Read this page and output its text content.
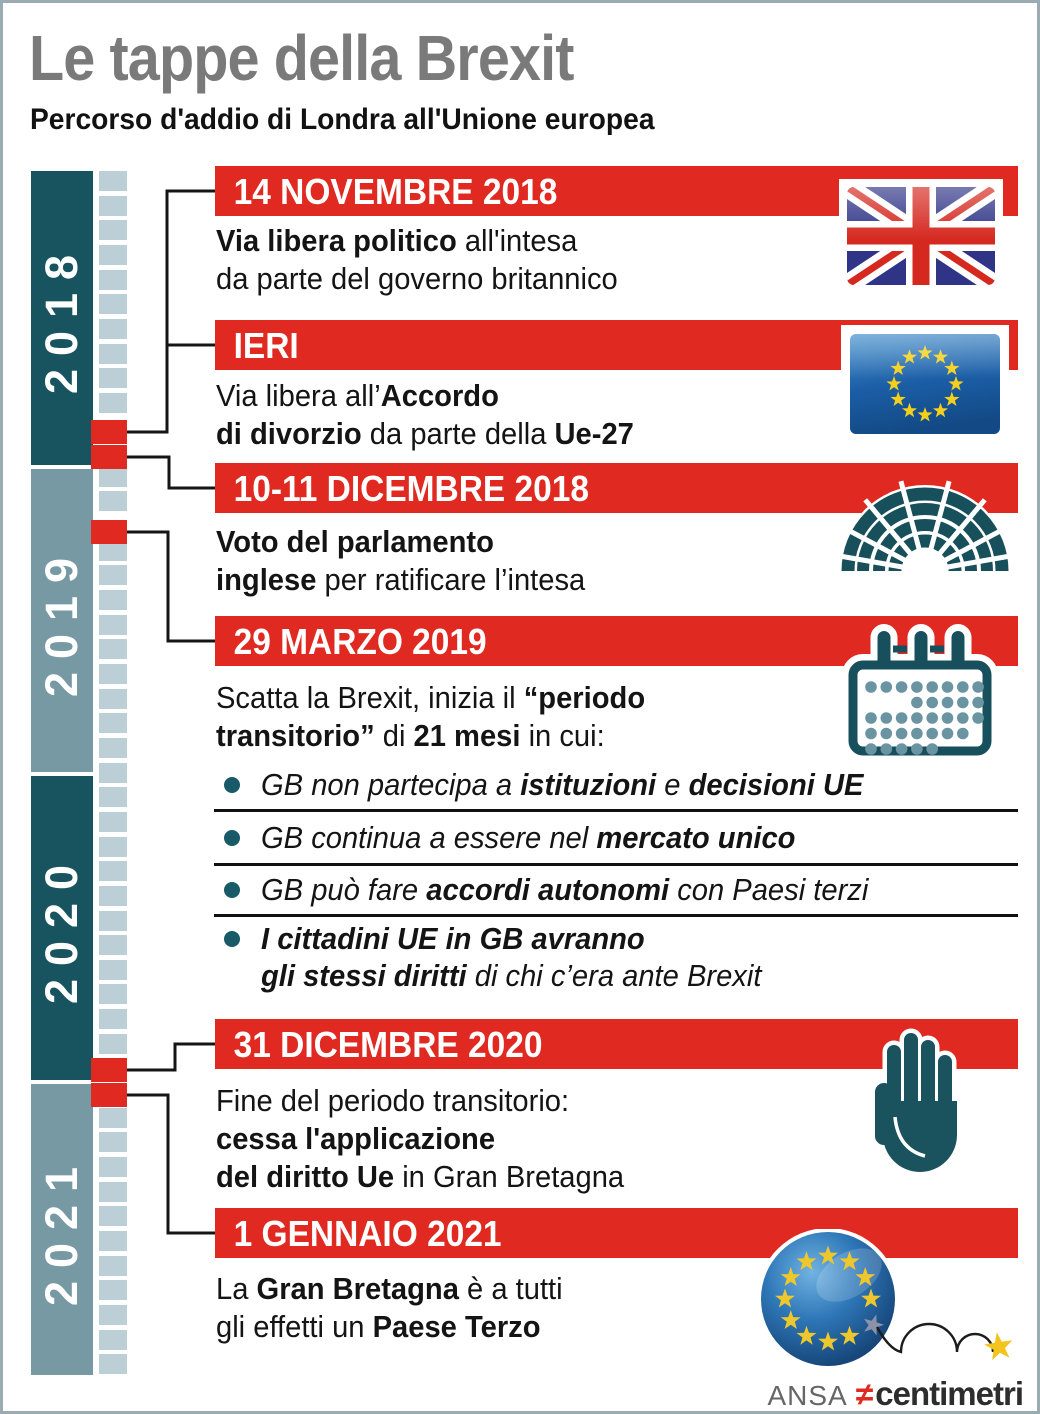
Le tappe della Brexit
Percorso d'addio di Londra all'Unione europea
2018
2019
2020
2021
14 NOVEMBRE 2018
Via libera politico all'intesa
da parte del governo britannico
IERI
Via libera all’Accordo
di divorzio da parte della Ue-27
10-11 DICEMBRE 2018
Voto del parlamento
inglese per ratificare l’intesa
29 MARZO 2019
Scatta la Brexit, inizia il “periodo
transitorio” di 21 mesi in cui:
31 DICEMBRE 2020
Fine del periodo transitorio:
cessa l'applicazione
del diritto Ue in Gran Bretagna
1 GENNAIO 2021
La Gran Bretagna è a tutti
gli effetti un Paese Terzo
GB non partecipa a istituzioni e decisioni UE
GB continua a essere nel mercato unico
GB può fare accordi autonomi con Paesi terzi
I cittadini UE in GB avranno
gli stessi diritti di chi c’era ante Brexit
ANSA ≠centimetri
